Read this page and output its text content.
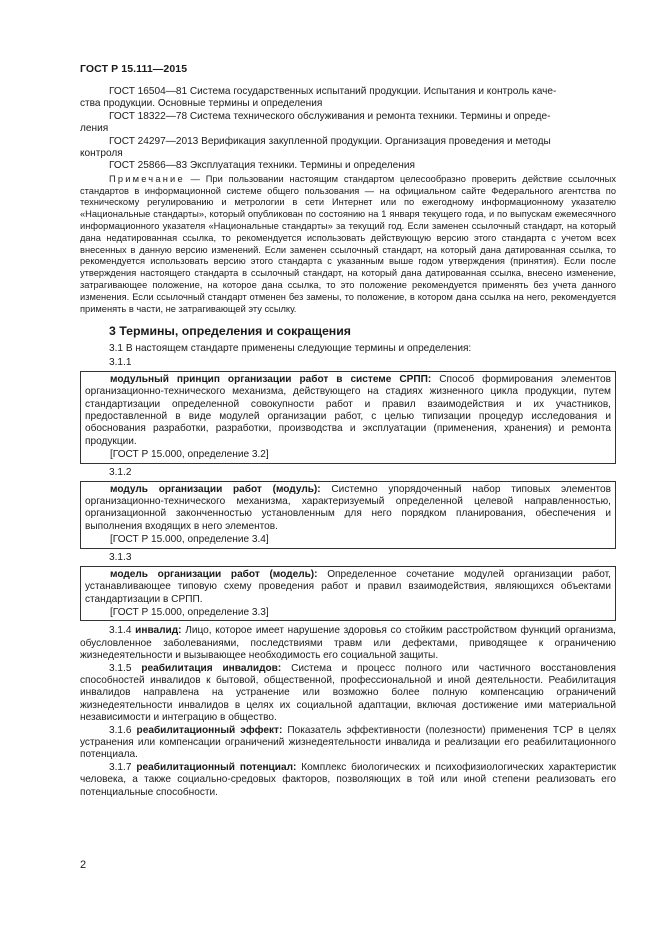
ГОСТ Р 15.111—2015

ГОСТ 16504—81 Система государственных испытаний продукции. Испытания и контроль каче-
ства продукции. Основные термины и определения

ГОСТ 18322—78 Система технического обслуживания и ремонта техники. Термины и опреде-
ления

ГОСТ 24297—2013 Верификация закупленной продукции. Организация проведения и методы
контроля

ГОСТ 25866—83 Эксплуатация техники. Термины и определения

Примечание — При пользовании настоящим стандартом целесообразно проверить действие ссылочных стандартов в информационной системе общего пользования — на официальном сайте Федерального агентства по техническому регулированию и метрологии в сети Интернет или по ежегодному информационному указателю «Национальные стандарты», который опубликован по состоянию на 1 января текущего года, и по выпускам ежемесячного информационного указателя «Национальные стандарты» за текущий год. Если заменен ссылочный стандарт, на который дана недатированная ссылка, то рекомендуется использовать действующую версию этого стандарта с учетом всех внесенных в данную версию изменений. Если заменен ссылочный стандарт, на который дана датированная ссылка, то рекомендуется использовать версию этого стандарта с указанным выше годом утверждения (принятия). Если после утверждения настоящего стандарта в ссылочный стандарт, на который дана датированная ссылка, внесено изменение, затрагивающее положение, на которое дана ссылка, то это положение рекомендуется применять без учета данного изменения. Если ссылочный стандарт отменен без замены, то положение, в котором дана ссылка на него, рекомендуется применять в части, не затрагивающей эту ссылку.

3 Термины, определения и сокращения

3.1 В настоящем стандарте применены следующие термины и определения:

3.1.1

модульный принцип организации работ в системе СРПП: Способ формирования элементов организационно-технического механизма, действующего на стадиях жизненного цикла продукции, путем стандартизации определенной совокупности работ и правил взаимодействия и их участников, предоставленной в виде модулей организации работ, с целью типизации процедур исследования и обоснования разработки, разработки, производства и эксплуатации (применения, хранения) и ремонта продукции.

[ГОСТ Р 15.000, определение 3.2]

3.1.2

модуль организации работ (модуль): Системно упорядоченный набор типовых элементов организационно-технического механизма, характеризуемый определенной целевой направленностью, организационной законченностью установленным для него порядком планирования, обеспечения и выполнения входящих в него элементов.

[ГОСТ Р 15.000, определение 3.4]

3.1.3

модель организации работ (модель): Определенное сочетание модулей организации работ, устанавливающее типовую схему проведения работ и правил взаимодействия, являющихся объектами стандартизации в СРПП.

[ГОСТ Р 15.000, определение 3.3]

3.1.4 инвалид: Лицо, которое имеет нарушение здоровья со стойким расстройством функций организма, обусловленное заболеваниями, последствиями травм или дефектами, приводящее к ограничению жизнедеятельности и вызывающее необходимость его социальной защиты.

3.1.5 реабилитация инвалидов: Система и процесс полного или частичного восстановления способностей инвалидов к бытовой, общественной, профессиональной и иной деятельности. Реабилитация инвалидов направлена на устранение или возможно более полную компенсацию ограничений жизнедеятельности инвалидов в целях их социальной адаптации, включая достижение ими материальной независимости и интеграцию в общество.

3.1.6 реабилитационный эффект: Показатель эффективности (полезности) применения ТСР в целях устранения или компенсации ограничений жизнедеятельности инвалида и реализации его реабилитационного потенциала.

3.1.7 реабилитационный потенциал: Комплекс биологических и психофизиологических характеристик человека, а также социально-средовых факторов, позволяющих в той или иной степени реализовать его потенциальные способности.

2
